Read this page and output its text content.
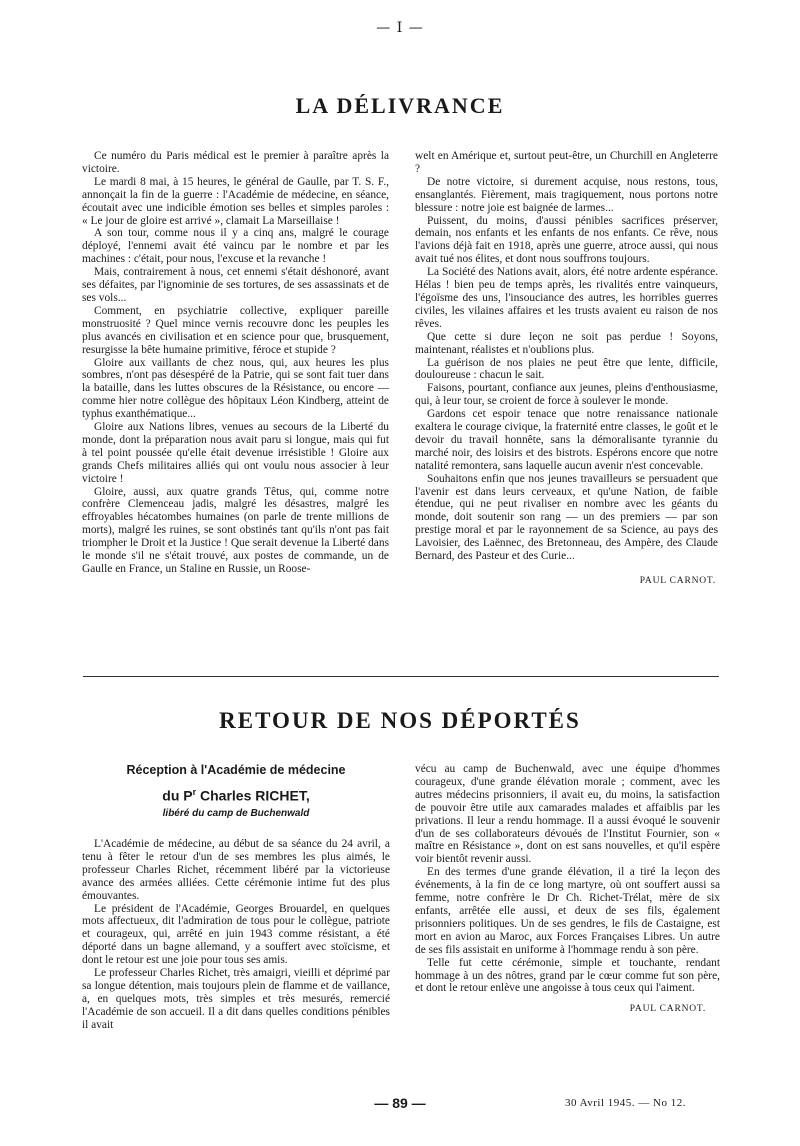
— I —
LA DÉLIVRANCE

Ce numéro du Paris médical est le premier à paraître après la victoire.

Le mardi 8 mai, à 15 heures, le général de Gaulle, par T. S. F., annonçait la fin de la guerre : l'Académie de médecine, en séance, écoutait avec une indicible émotion ses belles et simples paroles : « Le jour de gloire est arrivé », clamait La Marseillaise !

A son tour, comme nous il y a cinq ans, malgré le courage déployé, l'ennemi avait été vaincu par le nombre et par les machines : c'était, pour nous, l'excuse et la revanche !

Mais, contrairement à nous, cet ennemi s'était déshonoré, avant ses défaites, par l'ignominie de ses tortures, de ses assassinats et de ses vols...

Comment, en psychiatrie collective, expliquer pareille monstruosité ? Quel mince vernis recouvre donc les peuples les plus avancés en civilisation et en science pour que, brusquement, resurgisse la bête humaine primitive, féroce et stupide ?

Gloire aux vaillants de chez nous, qui, aux heures les plus sombres, n'ont pas désespéré de la Patrie, qui se sont fait tuer dans la bataille, dans les luttes obscures de la Résistance, ou encore — comme hier notre collègue des hôpitaux Léon Kindberg, atteint de typhus exanthématique...

Gloire aux Nations libres, venues au secours de la Liberté du monde, dont la préparation nous avait paru si longue, mais qui fut à tel point poussée qu'elle était devenue irrésistible ! Gloire aux grands Chefs militaires alliés qui ont voulu nous associer à leur victoire !

Gloire, aussi, aux quatre grands Têtus, qui, comme notre confrère Clemenceau jadis, malgré les désastres, malgré les effroyables hécatombes humaines (on parle de trente millions de morts), malgré les ruines, se sont obstinés tant qu'ils n'ont pas fait triompher le Droit et la Justice ! Que serait devenue la Liberté dans le monde s'il ne s'était trouvé, aux postes de commande, un de Gaulle en France, un Staline en Russie, un Roose-

welt en Amérique et, surtout peut-être, un Churchill en Angleterre ?

De notre victoire, si durement acquise, nous restons, tous, ensanglantés. Fièrement, mais tragiquement, nous portons notre blessure : notre joie est baignée de larmes...

Puissent, du moins, d'aussi pénibles sacrifices préserver, demain, nos enfants et les enfants de nos enfants. Ce rêve, nous l'avions déjà fait en 1918, après une guerre, atroce aussi, qui nous avait tué nos élites, et dont nous souffrons toujours.

La Société des Nations avait, alors, été notre ardente espérance. Hélas ! bien peu de temps après, les rivalités entre vainqueurs, l'égoïsme des uns, l'insouciance des autres, les horribles guerres civiles, les vilaines affaires et les trusts avaient eu raison de nos rêves.

Que cette si dure leçon ne soit pas perdue ! Soyons, maintenant, réalistes et n'oublions plus.

La guérison de nos plaies ne peut être que lente, difficile, douloureuse : chacun le sait.

Faisons, pourtant, confiance aux jeunes, pleins d'enthousiasme, qui, à leur tour, se croient de force à soulever le monde.

Gardons cet espoir tenace que notre renaissance nationale exaltera le courage civique, la fraternité entre classes, le goût et le devoir du travail honnête, sans la démoralisante tyrannie du marché noir, des loisirs et des bistrots. Espérons encore que notre natalité remontera, sans laquelle aucun avenir n'est concevable.

Souhaitons enfin que nos jeunes travailleurs se persuadent que l'avenir est dans leurs cerveaux, et qu'une Nation, de faible étendue, qui ne peut rivaliser en nombre avec les géants du monde, doit soutenir son rang — un des premiers — par son prestige moral et par le rayonnement de sa Science, au pays des Lavoisier, des Laënnec, des Bretonneau, des Ampère, des Claude Bernard, des Pasteur et des Curie...

PAUL CARNOT.
RETOUR DE NOS DÉPORTÉS
Réception à l'Académie de médecine
du $P^r$ Charles RICHET,
libéré du camp de Buchenwald

L'Académie de médecine, au début de sa séance du 24 avril, a tenu à fêter le retour d'un de ses membres les plus aimés, le professeur Charles Richet, récemment libéré par la victorieuse avance des armées alliées. Cette cérémonie intime fut des plus émouvantes.

Le président de l'Académie, Georges Brouardel, en quelques mots affectueux, dit l'admiration de tous pour le collègue, patriote et courageux, qui, arrêté en juin 1943 comme résistant, a été déporté dans un bagne allemand, y a souffert avec stoïcisme, et dont le retour est une joie pour tous ses amis.

Le professeur Charles Richet, très amaigri, vieilli et déprimé par sa longue détention, mais toujours plein de flamme et de vaillance, a, en quelques mots, très simples et très mesurés, remercié l'Académie de son accueil. Il a dit dans quelles conditions pénibles il avait

vécu au camp de Buchenwald, avec une équipe d'hommes courageux, d'une grande élévation morale ; comment, avec les autres médecins prisonniers, il avait eu, du moins, la satisfaction de pouvoir être utile aux camarades malades et affaiblis par les privations. Il leur a rendu hommage. Il a aussi évoqué le souvenir d'un de ses collaborateurs dévoués de l'Institut Fournier, son « maître en Résistance », dont on est sans nouvelles, et qu'il espère voir bientôt revenir aussi.

En des termes d'une grande élévation, il a tiré la leçon des événements, à la fin de ce long martyre, où ont souffert aussi sa femme, notre confrère le Dr Ch. Richet-Trélat, mère de six enfants, arrêtée elle aussi, et deux de ses fils, également prisonniers politiques. Un de ses gendres, le fils de Castaigne, est mort en avion au Maroc, aux Forces Françaises Libres. Un autre de ses fils assistait en uniforme à l'hommage rendu à son père.

Telle fut cette cérémonie, simple et touchante, rendant hommage à un des nôtres, grand par le cœur comme fut son père, et dont le retour enlève une angoisse à tous ceux qui l'aiment.

PAUL CARNOT.
— 89 —	30 Avril 1945. — No 12.
